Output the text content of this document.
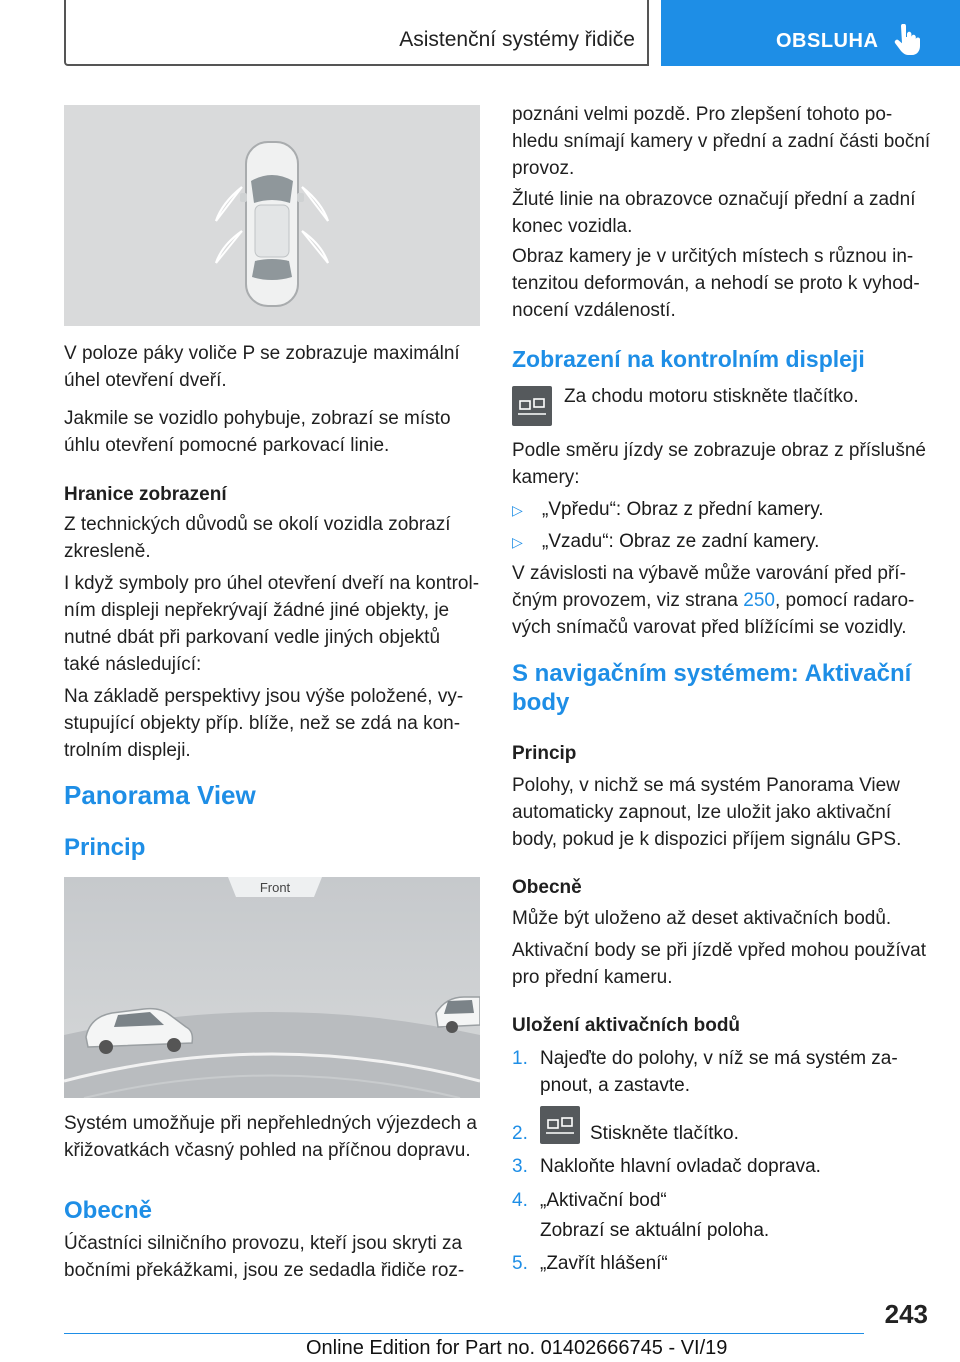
Asistenční systémy řidiče	OBSLUHA

V poloze páky voliče P se zobrazuje maximální
úhel otevření dveří.

Jakmile se vozidlo pohybuje, zobrazí se místo
úhlu otevření pomocné parkovací linie.

Hranice zobrazení

Z technických důvodů se okolí vozidla zobrazí
zkresleně.

I když symboly pro úhel otevření dveří na kontrol-
ním displeji nepřekrývají žádné jiné objekty, je
nutné dbát při parkovaní vedle jiných objektů
také následující:

Na základě perspektivy jsou výše položené, vy-
stupující objekty příp. blíže, než se zdá na kon-
trolním displeji.

Panorama View
Princip
Front

Systém umožňuje při nepřehledných výjezdech a
křižovatkách včasný pohled na příčnou dopravu.

Obecně

Účastníci silničního provozu, kteří jsou skryti za
bočními překážkami, jsou ze sedadla řidiče roz-

poznáni velmi pozdě. Pro zlepšení tohoto po-
hledu snímají kamery v přední a zadní části boční
provoz.

Žluté linie na obrazovce označují přední a zadní
konec vozidla.

Obraz kamery je v určitých místech s různou in-
tenzitou deformován, a nehodí se proto k vyhod-
nocení vzdáleností.

Zobrazení na kontrolním displeji

Za chodu motoru stiskněte tlačítko.

Podle směru jízdy se zobrazuje obraz z příslušné
kamery:

▷ „Vpředu“: Obraz z přední kamery.
▷ „Vzadu“: Obraz ze zadní kamery.

V závislosti na výbavě může varování před pří-
čným provozem, viz strana 250, pomocí radaro-
vých snímačů varovat před blížícími se vozidly.

S navigačním systémem: Aktivační
body
Princip

Polohy, v nichž se má systém Panorama View
automaticky zapnout, lze uložit jako aktivační
body, pokud je k dispozici příjem signálu GPS.

Obecně

Může být uloženo až deset aktivačních bodů.

Aktivační body se při jízdě vpřed mohou používat
pro přední kameru.

Uložení aktivačních bodů
1. Najeďte do polohy, v níž se má systém za-
pnout, a zastavte.
2.	Stiskněte tlačítko.
3. Nakloňte hlavní ovladač doprava.
4. „Aktivační bod“
Zobrazí se aktuální poloha.
5. „Zavřít hlášení“
243
Online Edition for Part no. 01402666745 - VI/19
